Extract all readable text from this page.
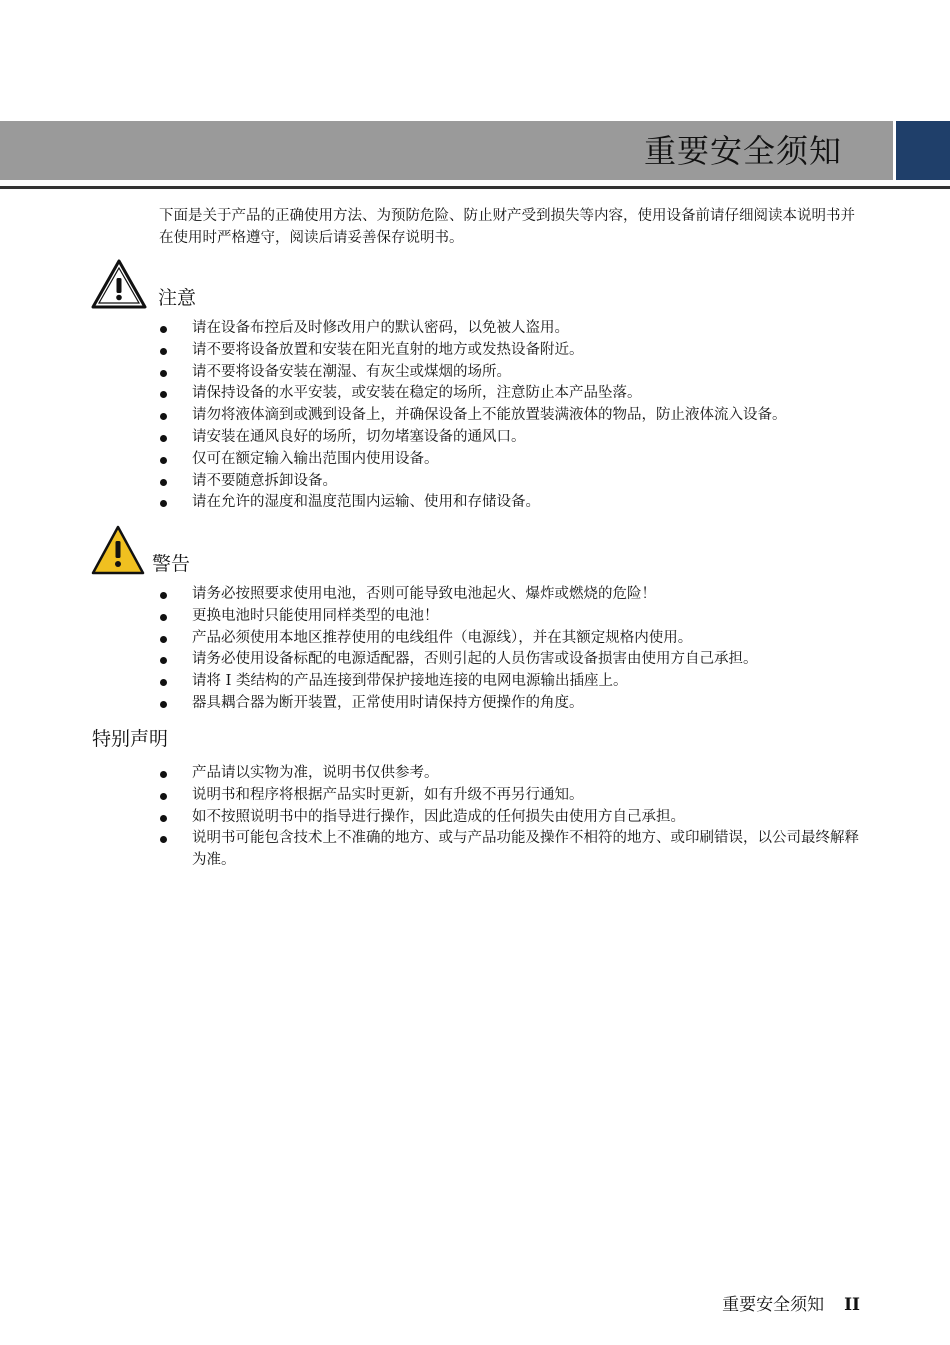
重要安全须知

下面是关于产品的正确使用方法、为预防危险、防止财产受到损失等内容，使用设备前请仔细阅读本说明书并在使用时严格遵守，阅读后请妥善保存说明书。

注意
请在设备布控后及时修改用户的默认密码，以免被人盗用。
请不要将设备放置和安装在阳光直射的地方或发热设备附近。
请不要将设备安装在潮湿、有灰尘或煤烟的场所。
请保持设备的水平安装，或安装在稳定的场所，注意防止本产品坠落。
请勿将液体滴到或溅到设备上，并确保设备上不能放置装满液体的物品，防止液体流入设备。
请安装在通风良好的场所，切勿堵塞设备的通风口。
仅可在额定输入输出范围内使用设备。
请不要随意拆卸设备。
请在允许的湿度和温度范围内运输、使用和存储设备。
警告
请务必按照要求使用电池，否则可能导致电池起火、爆炸或燃烧的危险！
更换电池时只能使用同样类型的电池！
产品必须使用本地区推荐使用的电线组件（电源线），并在其额定规格内使用。
请务必使用设备标配的电源适配器，否则引起的人员伤害或设备损害由使用方自己承担。
请将 I 类结构的产品连接到带保护接地连接的电网电源输出插座上。
器具耦合器为断开装置，正常使用时请保持方便操作的角度。
特别声明
产品请以实物为准，说明书仅供参考。
说明书和程序将根据产品实时更新，如有升级不再另行通知。
如不按照说明书中的指导进行操作，因此造成的任何损失由使用方自己承担。
说明书可能包含技术上不准确的地方、或与产品功能及操作不相符的地方、或印刷错误，以公司最终解释为准。
重要安全须知 II
